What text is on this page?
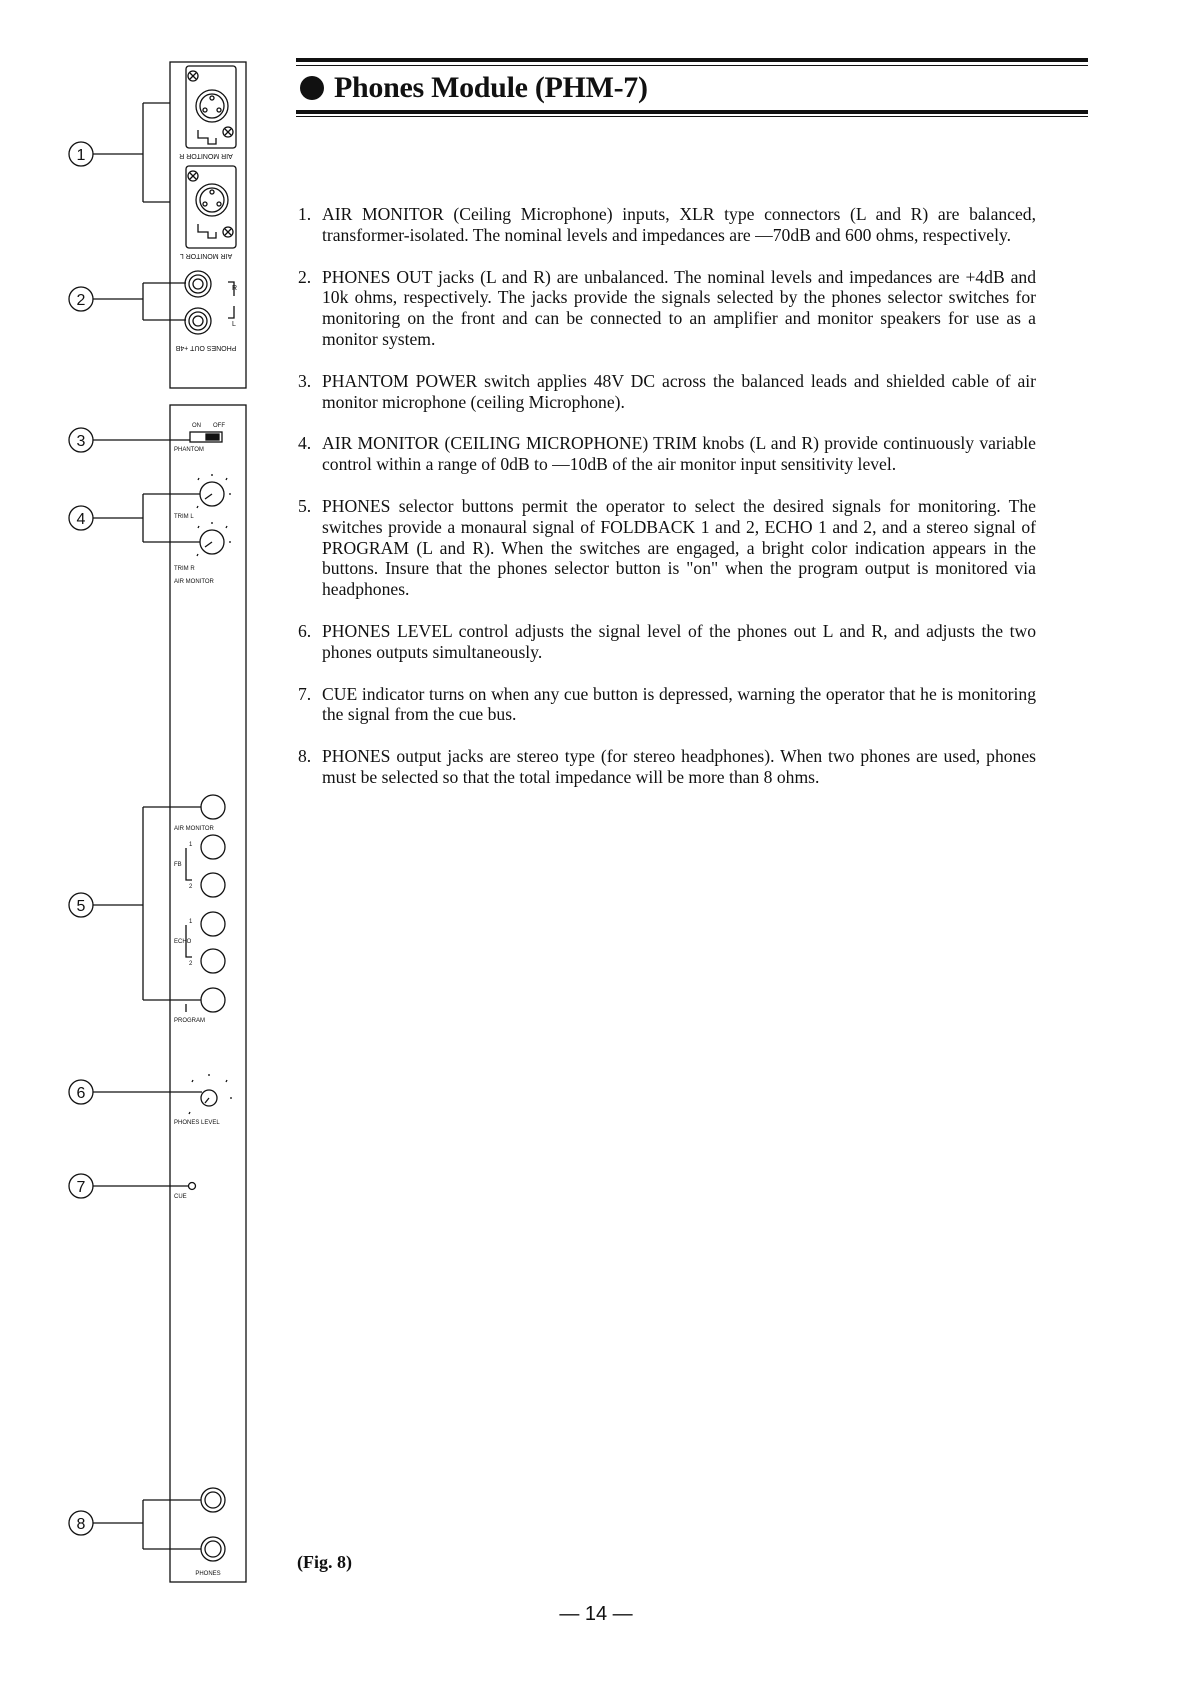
Phones Module (PHM-7)
1. AIR MONITOR (Ceiling Microphone) inputs, XLR type connectors (L and R) are balanced, transformer-isolated. The nominal levels and impedances are —70dB and 600 ohms, respectively.
2. PHONES OUT jacks (L and R) are unbalanced. The nominal levels and impedances are +4dB and 10k ohms, respectively. The jacks provide the signals selected by the phones selector switches for monitoring on the front and can be connected to an amplifier and monitor speakers for use as a monitor system.
3. PHANTOM POWER switch applies 48V DC across the balanced leads and shielded cable of air monitor microphone (ceiling Microphone).
4. AIR MONITOR (CEILING MICROPHONE) TRIM knobs (L and R) provide continuously variable control within a range of 0dB to —10dB of the air monitor input sensitivity level.
5. PHONES selector buttons permit the operator to select the desired signals for monitoring. The switches provide a monaural signal of FOLDBACK 1 and 2, ECHO 1 and 2, and a stereo signal of PROGRAM (L and R). When the switches are engaged, a bright color indication appears in the buttons. Insure that the phones selector button is "on" when the program output is monitored via headphones.
6. PHONES LEVEL control adjusts the signal level of the phones out L and R, and adjusts the two phones outputs simultaneously.
7. CUE indicator turns on when any cue button is depressed, warning the operator that he is monitoring the signal from the cue bus.
8. PHONES output jacks are stereo type (for stereo headphones). When two phones are used, phones must be selected so that the total impedance will be more than 8 ohms.
(Fig. 8)
— 14 —
AIR MONITOR R
AIR MONITOR L
R
L
PHONES OUT +4B
ON OFF
PHANTOM
TRIM L
TRIM R
AIR MONITOR
AIR MONITOR
1
2
FB
1
2
ECHO
PROGRAM
PHONES LEVEL
CUE
PHONES
1
2
3
4
5
6
7
8
